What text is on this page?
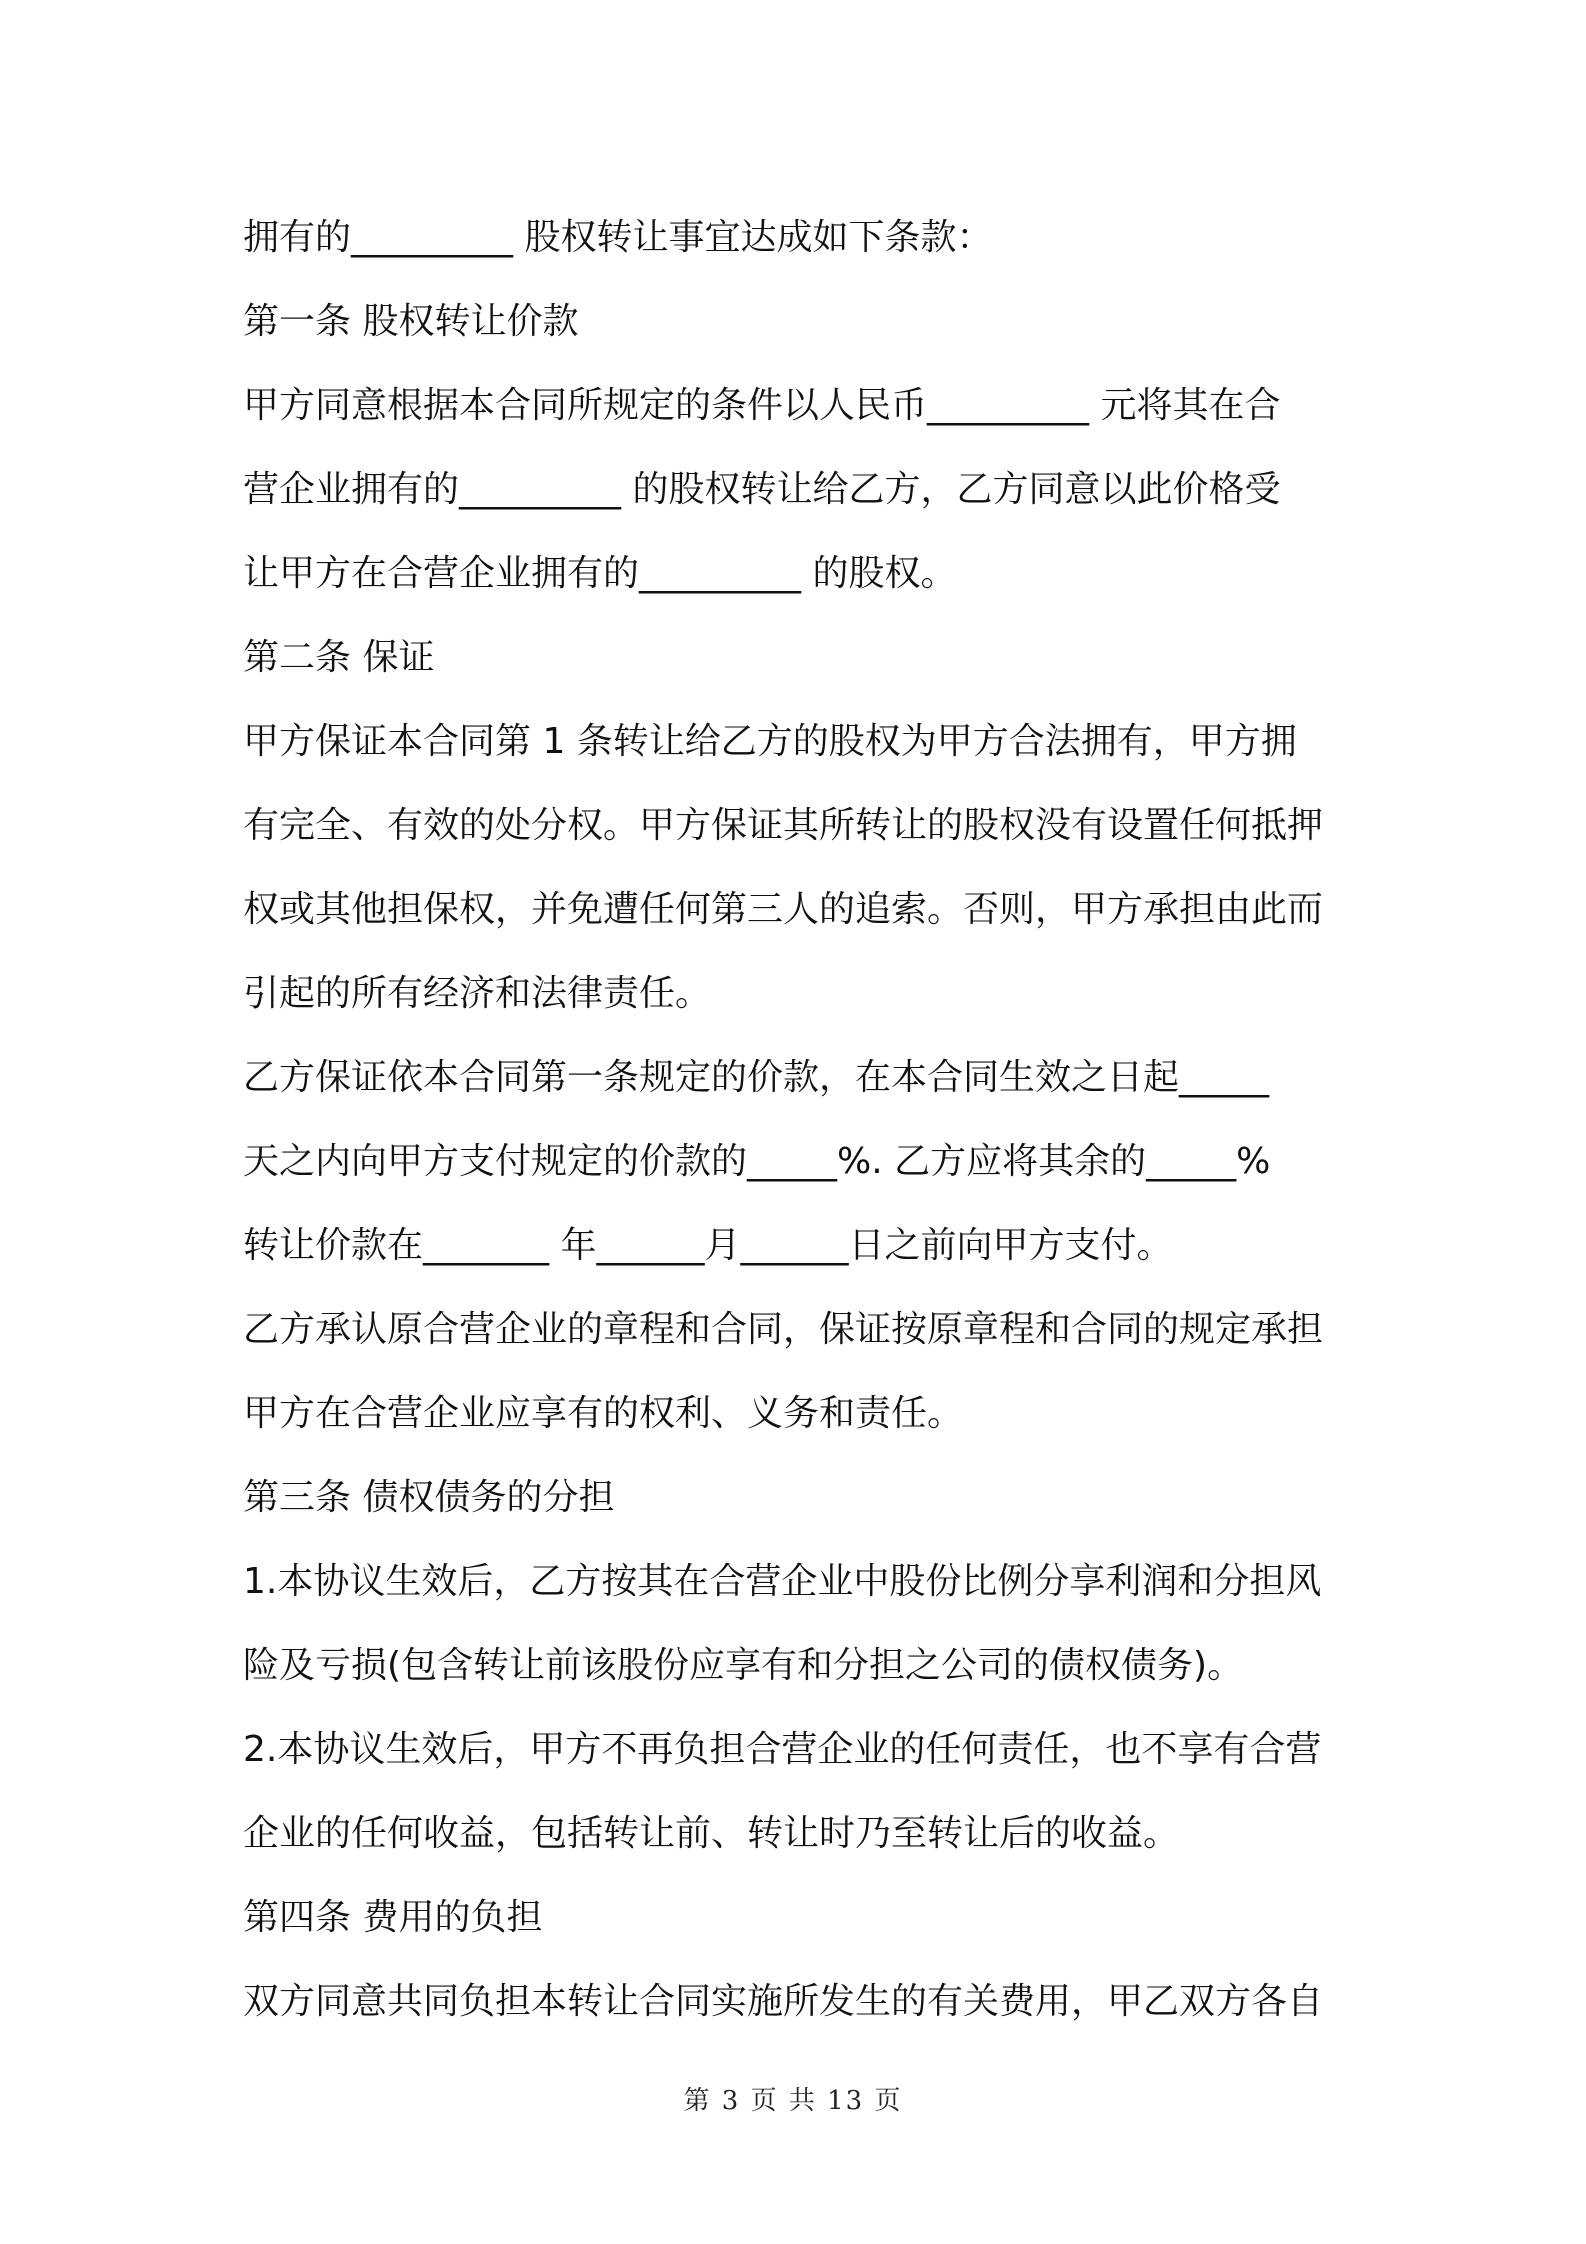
拥有的_________ 股权转让事宜达成如下条款：
第一条 股权转让价款
甲方同意根据本合同所规定的条件以人民币_________ 元将其在合
营企业拥有的_________ 的股权转让给乙方，乙方同意以此价格受
让甲方在合营企业拥有的_________ 的股权。
第二条 保证
甲方保证本合同第 1 条转让给乙方的股权为甲方合法拥有，甲方拥
有完全、有效的处分权。甲方保证其所转让的股权没有设置任何抵押
权或其他担保权，并免遭任何第三人的追索。否则，甲方承担由此而
引起的所有经济和法律责任。
乙方保证依本合同第一条规定的价款，在本合同生效之日起_____
天之内向甲方支付规定的价款的_____%. 乙方应将其余的_____%
转让价款在_______ 年______月______日之前向甲方支付。
乙方承认原合营企业的章程和合同，保证按原章程和合同的规定承担
甲方在合营企业应享有的权利、义务和责任。
第三条 债权债务的分担
1.本协议生效后，乙方按其在合营企业中股份比例分享利润和分担风
险及亏损(包含转让前该股份应享有和分担之公司的债权债务)。
2.本协议生效后，甲方不再负担合营企业的任何责任，也不享有合营
企业的任何收益，包括转让前、转让时乃至转让后的收益。
第四条 费用的负担
双方同意共同负担本转让合同实施所发生的有关费用，甲乙双方各自
第 3 页 共 13 页
